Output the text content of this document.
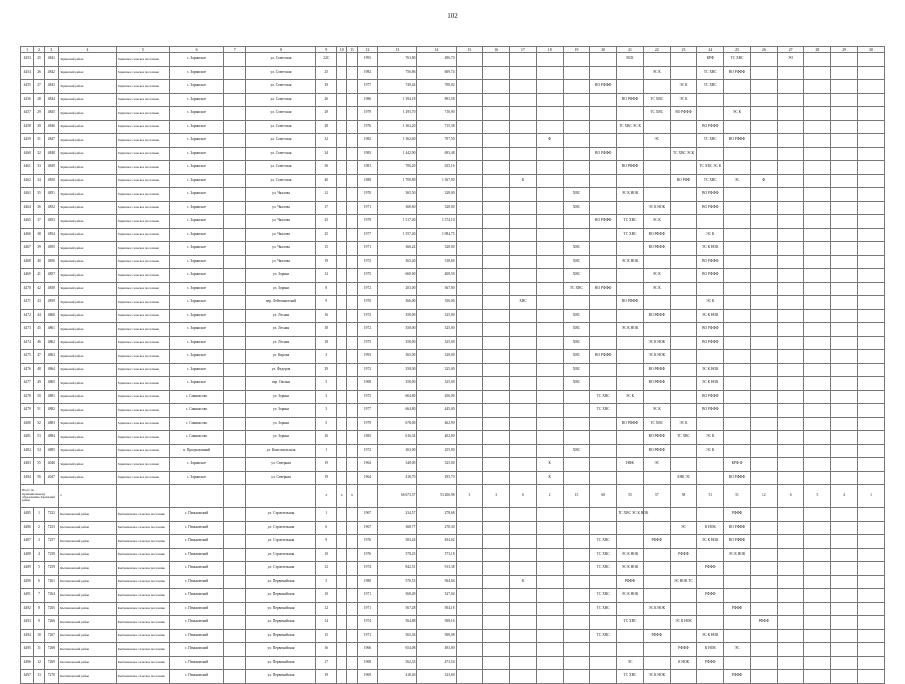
102
1	2	3	4	5	6	7	8	9	10	11	12	13	14	15	16	17	18	19	20	21	22	23	24	25	26	27	28	29	30
4453	25	4841	Заринский район	Заринское сельское поселение	с. Заринское		ул. Советская	22С			1993	763,80	496,70							ВСК			КРФ	ТС ХВС		ЭО			
4454	26	4842	Заринский район	Заринское сельское поселение	с. Заринское		ул. Советская	25			1982	756,86	609,74								ЭС К		ТС ХВС	ВО РФФФ					
4455	27	4843	Заринский район	Заринское сельское поселение	с. Заринское		ул. Советская	29			1977	749,44	708,02						ВО РФФФ			ЭС К	ТС ХВС						
4456	28	4844	Заринский район	Заринское сельское поселение	с. Заринское		ул. Советская	26			1986	1 394,18	893,58							ВО РФФФ	ТС ХВС	ЭС К							
4457	29	4845	Заринский район	Заринское сельское поселение	с. Заринское		ул. Советская	29			1979	1 295,70	716,90								ТС ХВС	ВО РФФФ		ЭС К					
4458	30	4846	Заринский район	Заринское сельское поселение	с. Заринское		ул. Советская	28			1976	1 363,20	715,38							ТС ХВС ЭС К			ВО РФФФ						
4459	31	4847	Заринский район	Заринское сельское поселение	с. Заринское		ул. Советская	32			1982	1 362,60	707,50				Ф				ЭС		ТС ХВС	ВО РФФФ					
4460	32	4848	Заринский район	Заринское сельское поселение	с. Заринское		ул. Советская	34			1983	1 442,90	693,48						ВО РФФФ			ТС ХВС ЭСК							
4461	33	4849	Заринский район	Заринское сельское поселение	с. Заринское		ул. Советская	36			1981	706,20	635,16							ВО РФФФ			ТС ХВС ЭС К						
4462	34	4850	Заринский район	Заринское сельское поселение	с. Заринское		ул. Советская	40			1988	1 700,80	1 367,90			К						ВО РФФ	ТС ХВС	ЭС	Ф				
4463	35	4851	Заринский район	Заринское сельское поселение	с. Заринское		ул. Чкалова	12			1970	365,50	328,00					ХВС		ЭС К НОК			ВО РФФФ						
4464	36	4852	Заринский район	Заринское сельское поселение	с. Заринское		ул. Чкалова	17			1971	368,60	328,00					ХВС			ЭС К НОК		ВО РФФФ						
4465	37	4853	Заринский район	Заринское сельское поселение	с. Заринское		ул. Чкалова	25			1979	1 517,40	1 374,10						ВО РФФФ	ТС ХВС	ЭС К								
4466	38	4854	Заринский район	Заринское сельское поселение	с. Заринское		ул. Чкалова	25			1977	1 557,40	1 084,75							ТС ХВС	ВО РФФФ		ЭС К						
4467	39	4855	Заринский район	Заринское сельское поселение	с. Заринское		ул. Чкалова	15			1971	366,24	328,00					ХВС			ВО РФФФ		ЭС К НОК						
4468	40	4856	Заринский район	Заринское сельское поселение	с. Заринское		ул. Чкалова	19			1972	365,40	318,60					ХВС		ЭС К НОК			ВО РФФФ						
4469	41	4857	Заринский район	Заринское сельское поселение	с. Заринское		ул. Зорина	12			1975	660,00	408,50					ХВС			ЭС К		ВО РФФФ						
4470	42	4858	Заринский район	Заринское сельское поселение	с. Заринское		ул. Зорина	8			1972	203,00	367,00					ТС ХВС	ВО РФФФ		ЭС К								
4471	43	4859	Заринский район	Заринское сельское поселение	с. Заринское		пер. Лейтенантский	9			1970	366,00	356,00			ХВС				ВО РФФФ			ЭС К						
4472	44	4860	Заринский район	Заринское сельское поселение	с. Заринское		ул. Лесная	16			1972	358,00	325,00					ХВС			ВО РФФФ		ЭС К НОК						
4473	45	4861	Заринский район	Заринское сельское поселение	с. Заринское		ул. Лесная	18			1972	358,00	325,00					ХВС		ЭС К НОК			ВО РФФФ						
4474	46	4862	Заринский район	Заринское сельское поселение	с. Заринское		ул. Лесная	18			1975	358,00	325,00					ХВС			ЭС К НОК		ВО РФФФ						
4475	47	4863	Заринский район	Заринское сельское поселение	с. Заринское		ул. Кирова	3			1993	365,00	328,00					ХВС	ВО РФФФ		ЭС К НОК								
4476	48	4864	Заринский район	Заринское сельское поселение	с. Заринское		ул. Федоров	29			1972	358,00	325,00					ХВС			ВО РФФФ		ЭС К НОК						
4477	49	4865	Заринский район	Заринское сельское поселение	с. Заринское		пер. Оксана	5			1968	358,00	325,00					ХВС			ВО РФФФ		ЭС К НОК						
4478	50	4881	Заринский район	Заринское сельское поселение	с. Сиянкасово		ул. Зорина	3			1975	664,80	456,00						ТС ХВС	ЭС К			ВО РФФФ						
4479	51	4882	Заринский район	Заринское сельское поселение	с. Сиянкасово		ул. Зорина	3			1977	664,80	445,00						ТС ХВС		ЭС К		ВО РФФФ						
4480	52	4883	Заринский район	Заринское сельское поселение	с. Сиянкасово		ул. Зорина	5			1979	678,00	462,90							ВО РФФФ	ТС ХВС	ЭС К							
4481	53	4884	Заринский район	Заринское сельское поселение	с. Сиянкасово		ул. Зорина	16			1983	616,34	402,00								ВО РФФФ	ТС ХВС	ЭС К						
4482	54	4885	Заринский район	Заринское сельское поселение	п. Прогрызанный		ул. Комсомольская	1			1972	363,00	255,90					ХВС			ВО РФФФ		ЭС К						
4483	55	4046	Заринский район	Заринское сельское поселение	с. Заринское		ул. Северная	19			1964	348,00	325,00				К			НФК	ЭС			КРФ Ф					
4484	56	4047	Заринский район	Заринское сельское поселение	с. Заринское		ул. Северная	19			1964	418,70	295,70				К					АНК ЭС		ВО РФФФ					
Итого по муниципальному образованию Заринский район			х					х	х	х		66 673,37	53 206,98	3	3	6	2	15	68	55	57	58	51	51	12	6	5	4	1
4485	1	7252	Кытмановский район	Кытмановское сельское поселение	с. Пеньковский		ул. Строительная	1			1967	234,57	278,68							ТС ХВС ЭС К НОК				РФФФ					
4486	2	7253	Кытмановский район	Кытмановское сельское поселение	с. Пеньковский		ул. Строительная	6			1967	368,77	278,30									ЭС	К НОК	ВО РФФФ					
4487	3	7257	Кытмановский район	Кытмановское сельское поселение	с. Пеньковский		ул. Строительная	9			1976	583,24	834,02						ТС ХВС		РФФФ		ЭС К НОК	ВО РФФФ					
4488	4	7258	Кытмановский район	Кытмановское сельское поселение	с. Пеньковский		ул. Строительная	10			1976	578,23	573,18						ТС ХВС	ЭС К НОК		РФФФ		ЭС К НОК					
4489	5	7259	Кытмановский район	Кытмановское сельское поселение	с. Пеньковский		ул. Строительная	12			1974	842,51	913,38						ТС ХВС	ЭС К НОК			РФФФ						
4490	6	7261	Кытмановский район	Кытмановское сельское поселение	с. Пеньковский		ул. Первомайская	5			1980	576,53	564,04			К				РФФФ		ЭС НОК ТС							
4491	7	7264	Кытмановский район	Кытмановское сельское поселение	с. Пеньковский		ул. Первомайская	10			1971	568,49	527,04						ТС ХВС	ЭС К НОК			РФФФ						
4492	8	7265	Кытмановский район	Кытмановское сельское поселение	с. Пеньковский		ул. Первомайская	12			1971	567,28	504,18						ТС ХВС		ЭС К НОК			РФФФ					
4493	9	7266	Кытмановский район	Кытмановское сельское поселение	с. Пеньковский		ул. Первомайская	14			1974	564,88	508,16							ТС ХВС		ЭС К НОК			РФФФ				
4494	10	7267	Кытмановский район	Кытмановское сельское поселение	с. Пеньковский		ул. Первомайская	15			1971	565,36	508,08						ТС ХВС		РФФФ		ЭС К НОК						
4495	11	7268	Кытмановский район	Кытмановское сельское поселение	с. Пеньковский		ул. Первомайская	16			1966	654,08	493,00									РФФФ	К НОК	ЭС					
4496	12	7269	Кытмановский район	Кытмановское сельское поселение	с. Пеньковский		ул. Первомайская	17			1968	562,33	473,54							ЭС		К НОК	РФФФ						
4497	13	7270	Кытмановский район	Кытмановское сельское поселение	с. Пеньковский		ул. Первомайская	19			1969	418,40	323,60							ТС ХВС	ЭС К НОК			РФФФ					
